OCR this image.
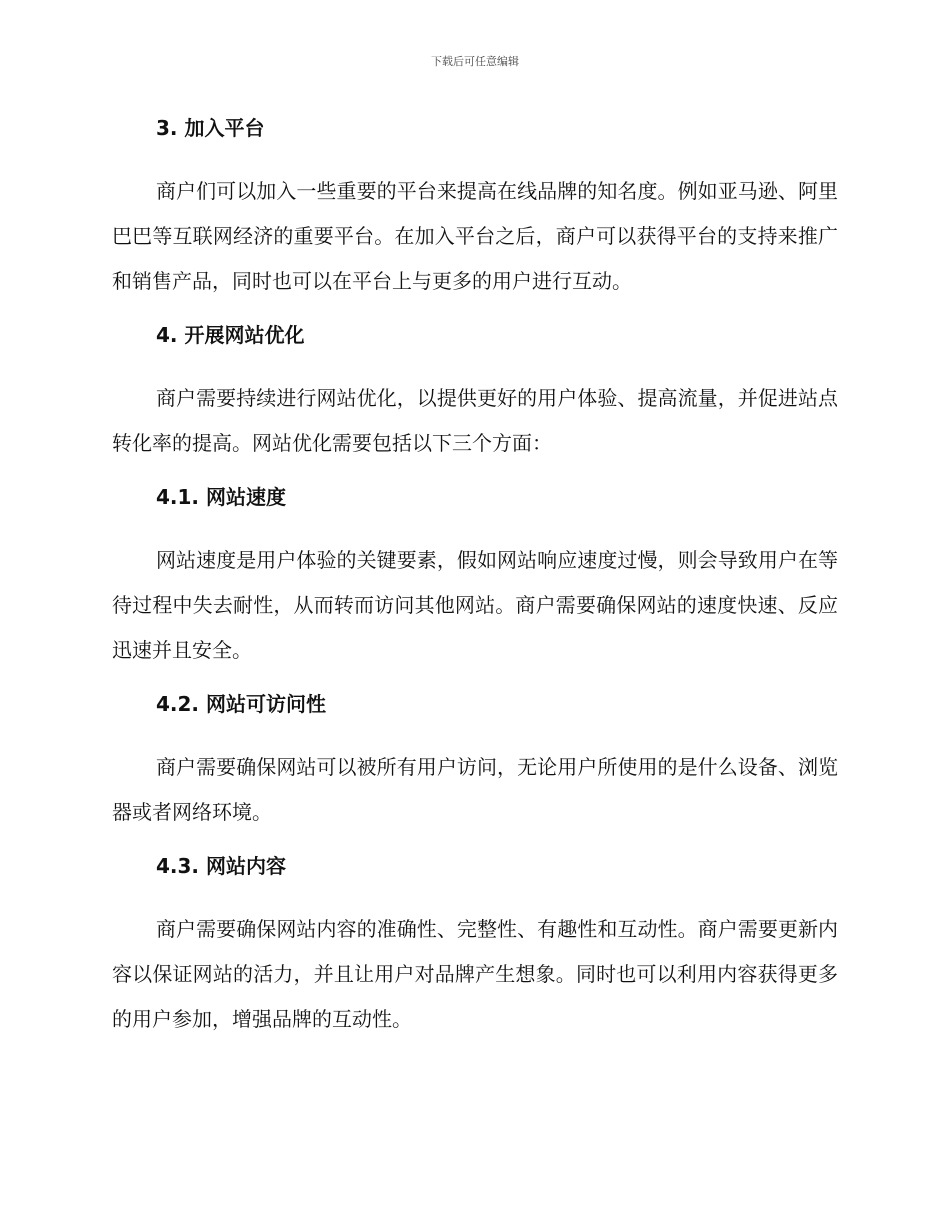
下载后可任意编辑
3. 加入平台

商户们可以加入一些重要的平台来提高在线品牌的知名度。例如亚马逊、阿里巴巴等互联网经济的重要平台。在加入平台之后，商户可以获得平台的支持来推广和销售产品，同时也可以在平台上与更多的用户进行互动。

4. 开展网站优化

商户需要持续进行网站优化，以提供更好的用户体验、提高流量，并促进站点转化率的提高。网站优化需要包括以下三个方面：

4.1. 网站速度

网站速度是用户体验的关键要素，假如网站响应速度过慢，则会导致用户在等待过程中失去耐性，从而转而访问其他网站。商户需要确保网站的速度快速、反应迅速并且安全。

4.2. 网站可访问性

商户需要确保网站可以被所有用户访问，无论用户所使用的是什么设备、浏览器或者网络环境。

4.3. 网站内容

商户需要确保网站内容的准确性、完整性、有趣性和互动性。商户需要更新内容以保证网站的活力，并且让用户对品牌产生想象。同时也可以利用内容获得更多的用户参加，增强品牌的互动性。
